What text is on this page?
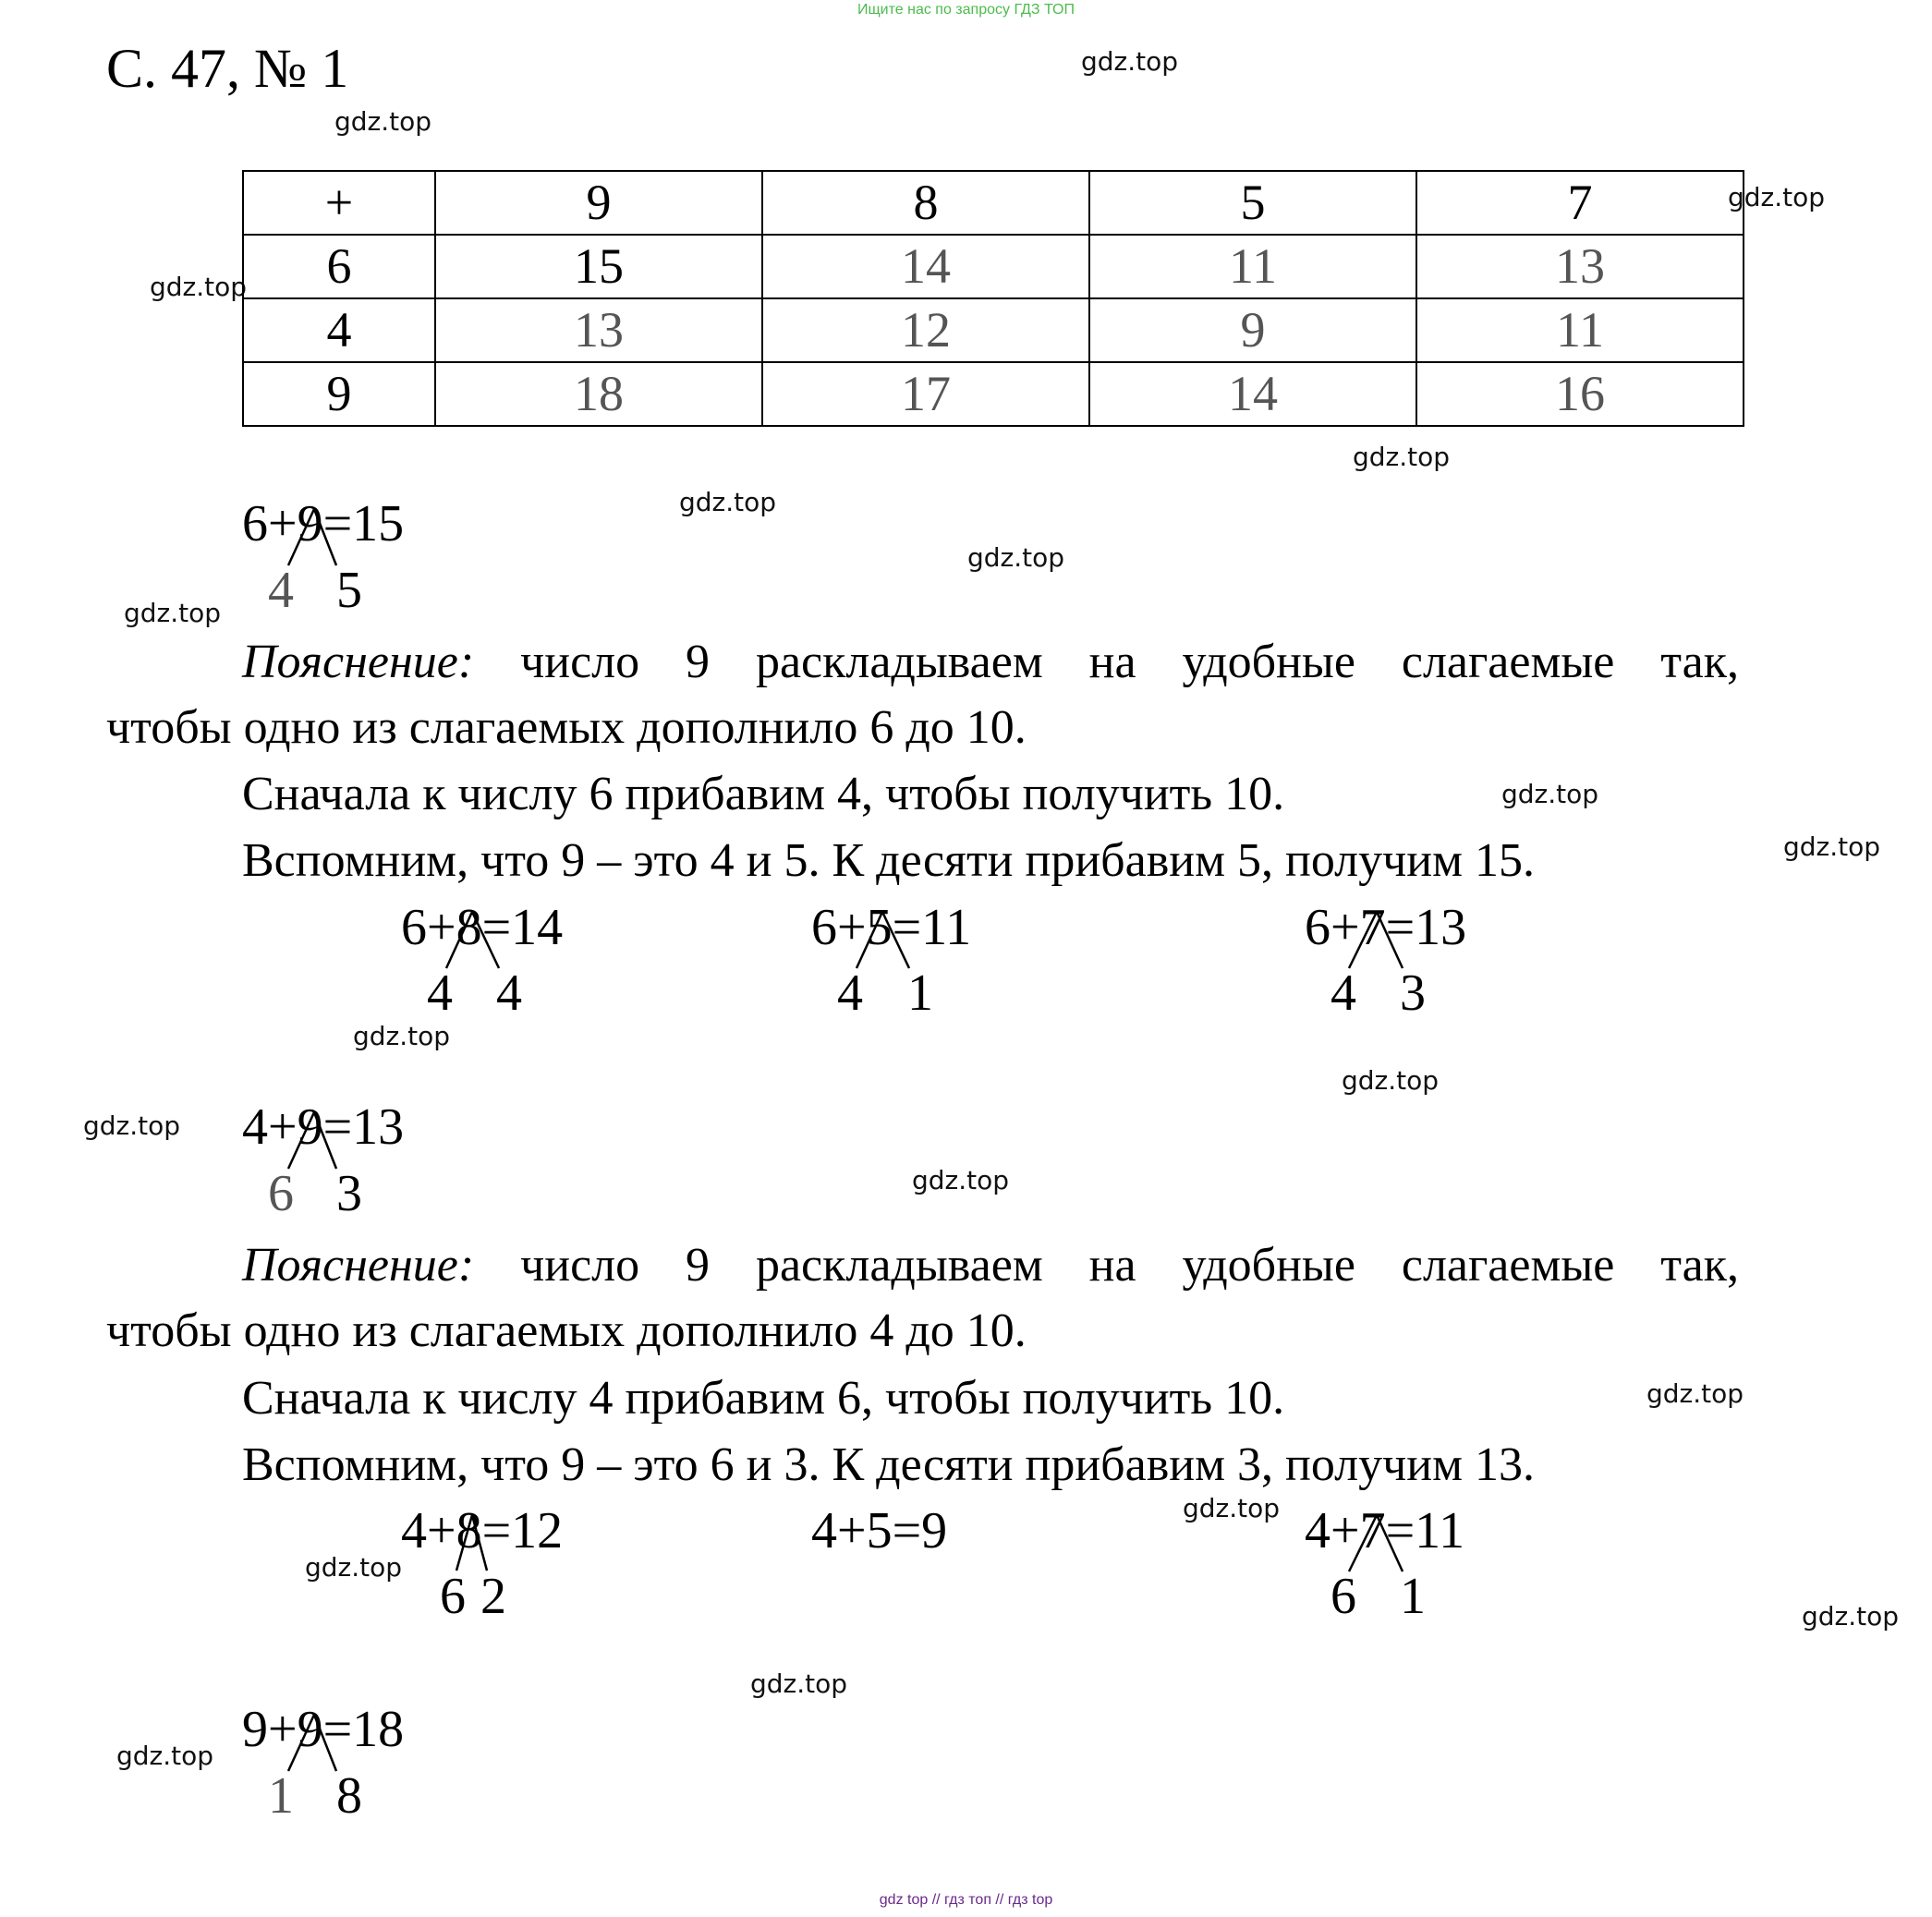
Ищите нас по запросу ГДЗ ТОП
С. 47, № 1	gdz.top
gdz.top
gdz.top
gdz.top
gdz.top
gdz.top
gdz.top
gdz.top
gdz.top
gdz.top
gdz.top
gdz.top
gdz.top
gdz.top
gdz.top
gdz.top
gdz.top
gdz.top
gdz.top
gdz.top
+	9	8	5	7
6	15	14	11	13
4	13	12	9	11
9	18	17	14	16
6+9=15
4 5
Пояснение: число 9 раскладываем на удобные слагаемые так,
чтобы одно из слагаемых дополнило 6 до 10.
Сначала к числу 6 прибавим 4, чтобы получить 10.
Вспомним, что 9 – это 4 и 5. К десяти прибавим 5, получим 15.
6+8=14
4 4
6+5=11
4 1
6+7=13
4 3
4+9=13
6 3
Пояснение: число 9 раскладываем на удобные слагаемые так,
чтобы одно из слагаемых дополнило 4 до 10.
Сначала к числу 4 прибавим 6, чтобы получить 10.
Вспомним, что 9 – это 6 и 3. К десяти прибавим 3, получим 13.
4+8=12
6 2
4+5=9	4+7=11
6 1
9+9=18
1 8
gdz top // гдз топ // гдз top
